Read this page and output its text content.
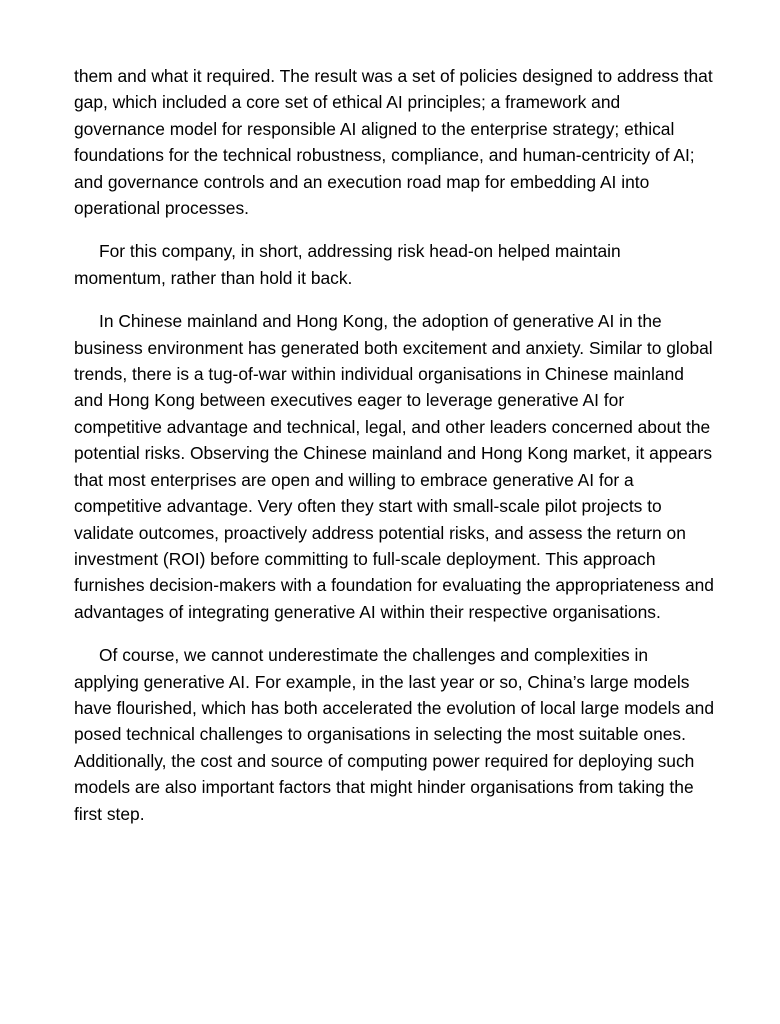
them and what it required. The result was a set of policies designed to address that gap, which included a core set of ethical AI principles; a framework and governance model for responsible AI aligned to the enterprise strategy; ethical foundations for the technical robustness, compliance, and human-centricity of AI; and governance controls and an execution road map for embedding AI into operational processes.

For this company, in short, addressing risk head-on helped maintain momentum, rather than hold it back.

In Chinese mainland and Hong Kong, the adoption of generative AI in the business environment has generated both excitement and anxiety. Similar to global trends, there is a tug-of-war within individual organisations in Chinese mainland and Hong Kong between executives eager to leverage generative AI for competitive advantage and technical, legal, and other leaders concerned about the potential risks. Observing the Chinese mainland and Hong Kong market, it appears that most enterprises are open and willing to embrace generative AI for a competitive advantage. Very often they start with small-scale pilot projects to validate outcomes, proactively address potential risks, and assess the return on investment (ROI) before committing to full-scale deployment. This approach furnishes decision-makers with a foundation for evaluating the appropriateness and advantages of integrating generative AI within their respective organisations.

Of course, we cannot underestimate the challenges and complexities in applying generative AI. For example, in the last year or so, China’s large models have flourished, which has both accelerated the evolution of local large models and posed technical challenges to organisations in selecting the most suitable ones. Additionally, the cost and source of computing power required for deploying such models are also important factors that might hinder organisations from taking the first step.
